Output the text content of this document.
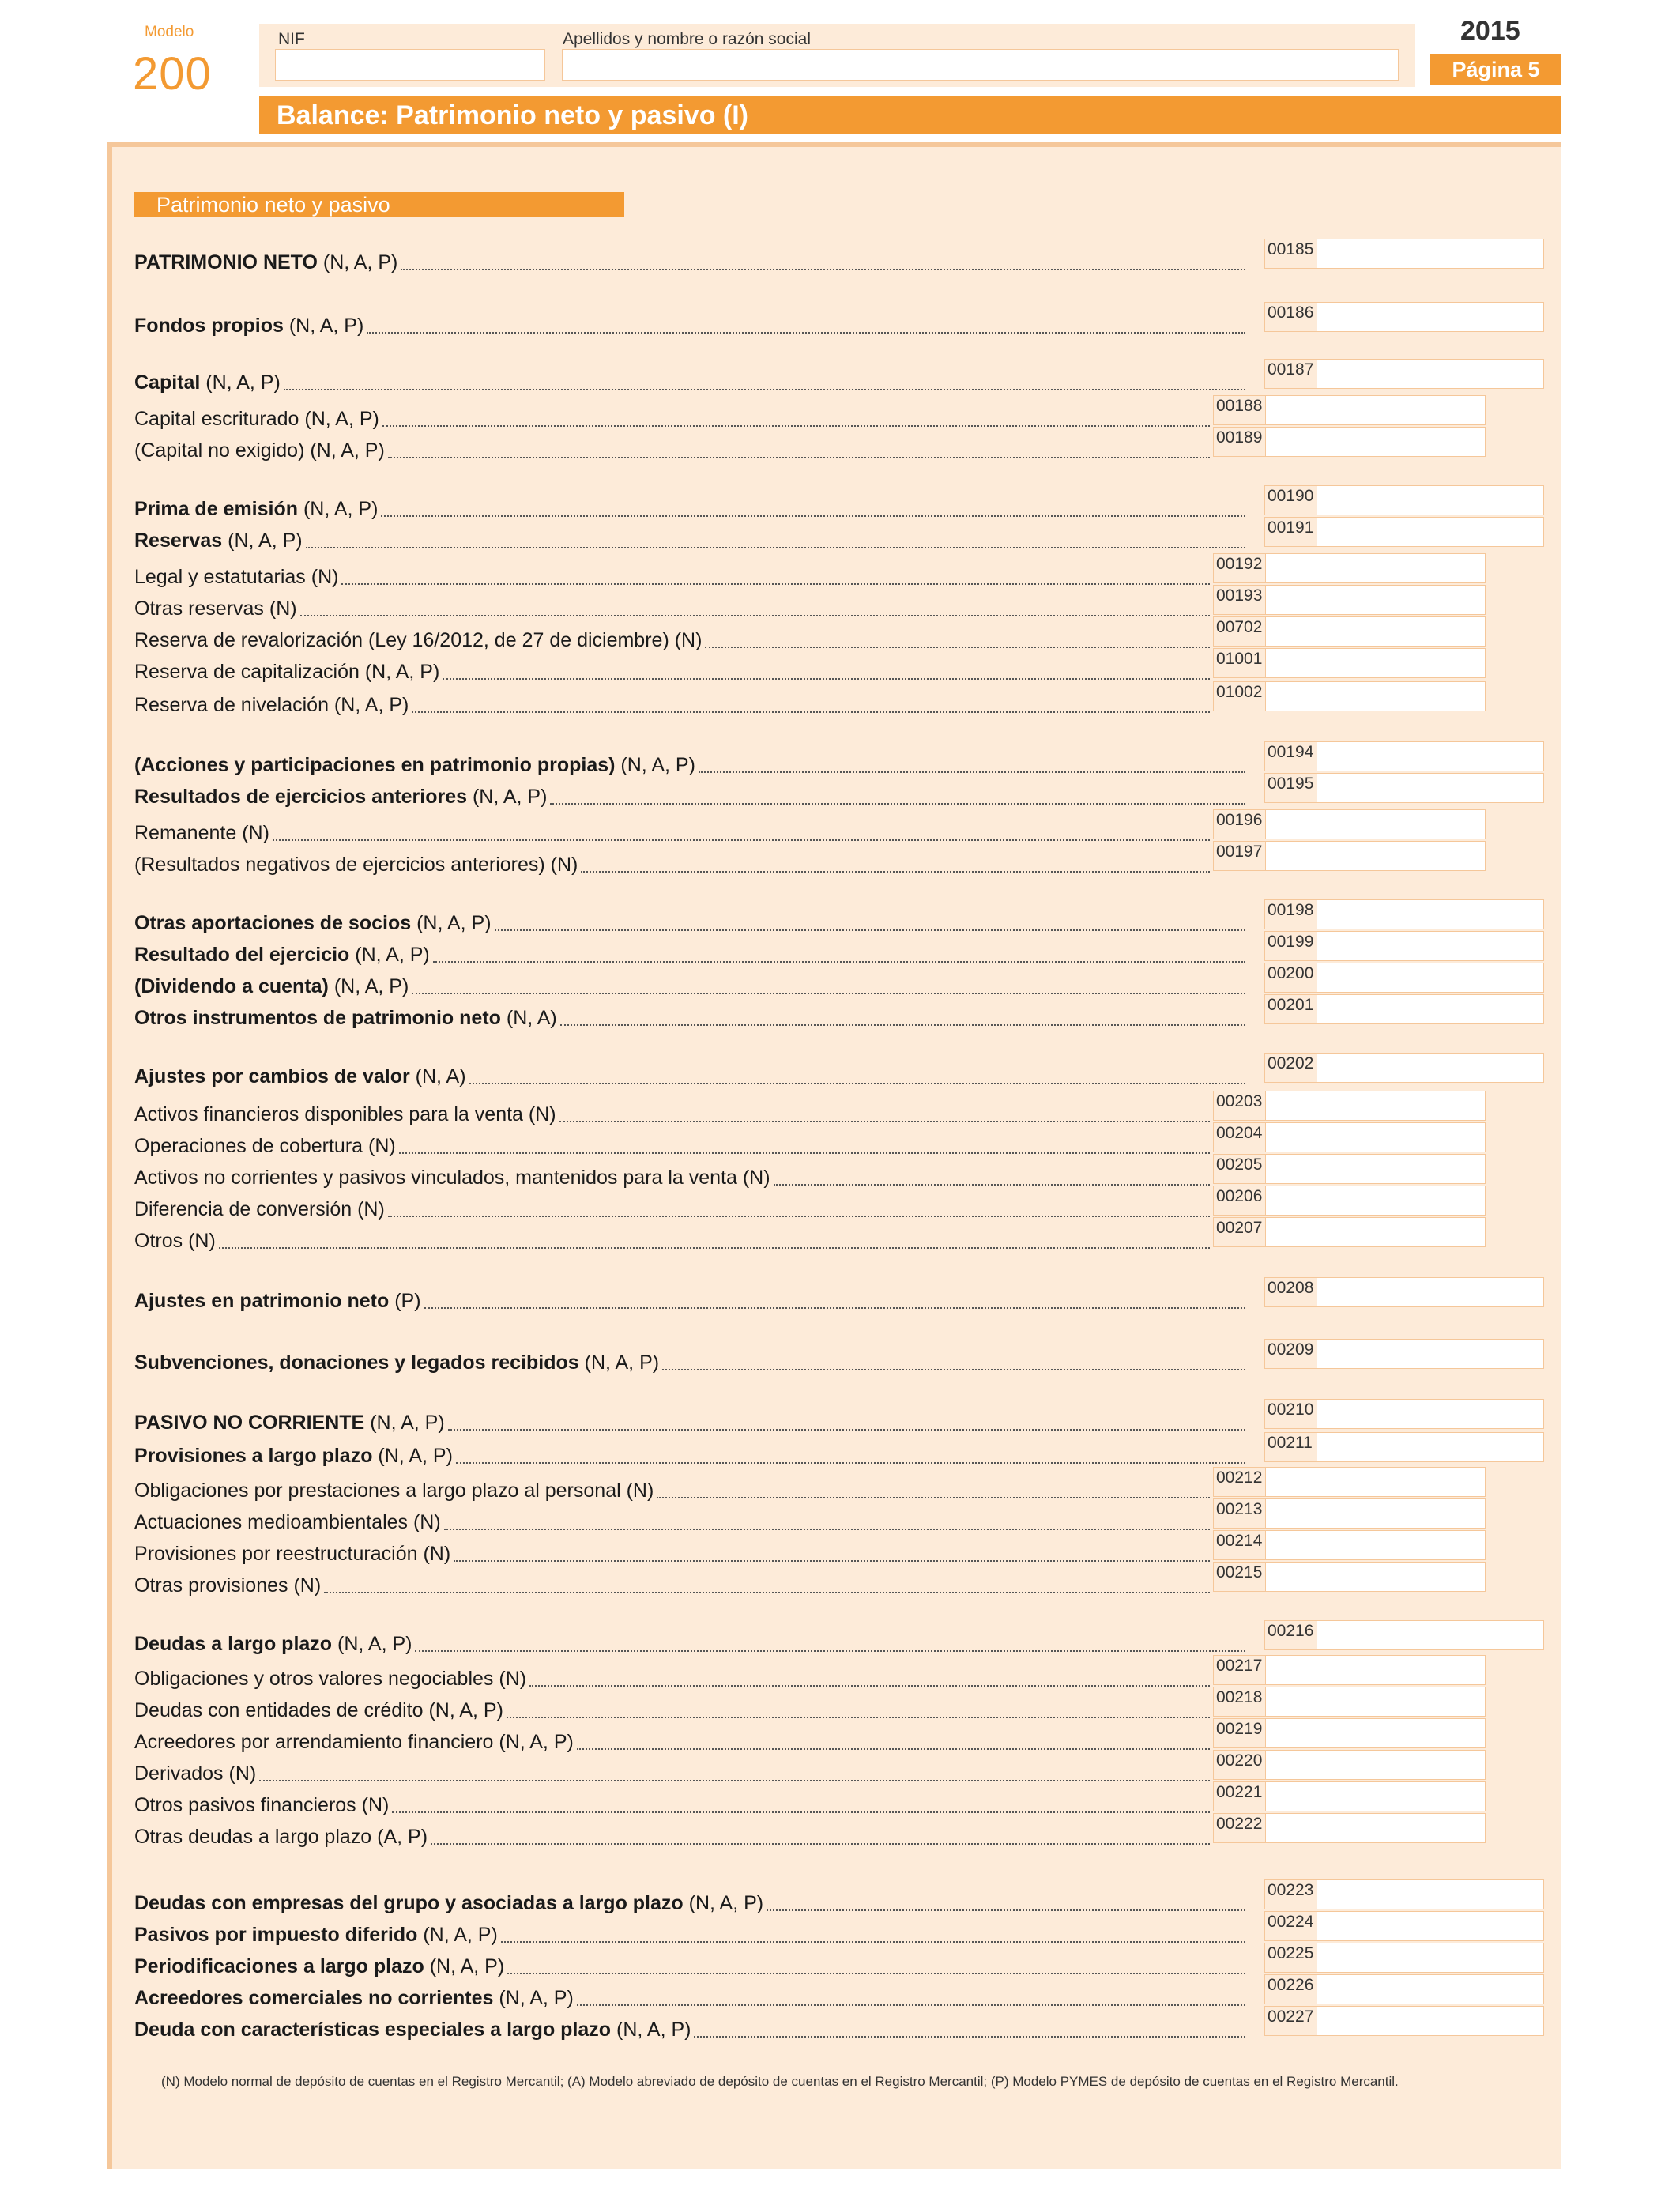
Modelo
200
NIF	Apellidos y nombre o razón social	2015
Página 5
Balance: Patrimonio neto y pasivo (I)
Patrimonio neto y pasivo
PATRIMONIO NETO (N, A, P)
00185
Fondos propios (N, A, P)
00186
Capital (N, A, P)
00187
Capital escriturado (N, A, P)
00188
(Capital no exigido) (N, A, P)
00189
Prima de emisión (N, A, P)
00190
Reservas (N, A, P)
00191
Legal y estatutarias (N)
00192
Otras reservas (N)
00193
Reserva de revalorización (Ley 16/2012, de 27 de diciembre) (N)
00702
Reserva de capitalización (N, A, P)
01001
Reserva de nivelación (N, A, P)
01002
(Acciones y participaciones en patrimonio propias) (N, A, P)
00194
Resultados de ejercicios anteriores (N, A, P)
00195
Remanente (N)
00196
(Resultados negativos de ejercicios anteriores) (N)
00197
Otras aportaciones de socios (N, A, P)
00198
Resultado del ejercicio (N, A, P)
00199
(Dividendo a cuenta) (N, A, P)
00200
Otros instrumentos de patrimonio neto (N, A)
00201
Ajustes por cambios de valor (N, A)
00202
Activos financieros disponibles para la venta (N)
00203
Operaciones de cobertura (N)
00204
Activos no corrientes y pasivos vinculados, mantenidos para la venta (N)
00205
Diferencia de conversión (N)
00206
Otros (N)
00207
Ajustes en patrimonio neto (P)
00208
Subvenciones, donaciones y legados recibidos (N, A, P)
00209
PASIVO NO CORRIENTE (N, A, P)
00210
Provisiones a largo plazo (N, A, P)
00211
Obligaciones por prestaciones a largo plazo al personal (N)
00212
Actuaciones medioambientales (N)
00213
Provisiones por reestructuración (N)
00214
Otras provisiones (N)
00215
Deudas a largo plazo (N, A, P)
00216
Obligaciones y otros valores negociables (N)
00217
Deudas con entidades de crédito (N, A, P)
00218
Acreedores por arrendamiento financiero (N, A, P)
00219
Derivados (N)
00220
Otros pasivos financieros (N)
00221
Otras deudas a largo plazo (A, P)
00222
Deudas con empresas del grupo y asociadas a largo plazo (N, A, P)
00223
Pasivos por impuesto diferido (N, A, P)
00224
Periodificaciones a largo plazo (N, A, P)
00225
Acreedores comerciales no corrientes (N, A, P)
00226
Deuda con características especiales a largo plazo (N, A, P)
00227
(N) Modelo normal de depósito de cuentas en el Registro Mercantil; (A) Modelo abreviado de depósito de cuentas en el Registro Mercantil; (P) Modelo PYMES de depósito de cuentas en el Registro Mercantil.
